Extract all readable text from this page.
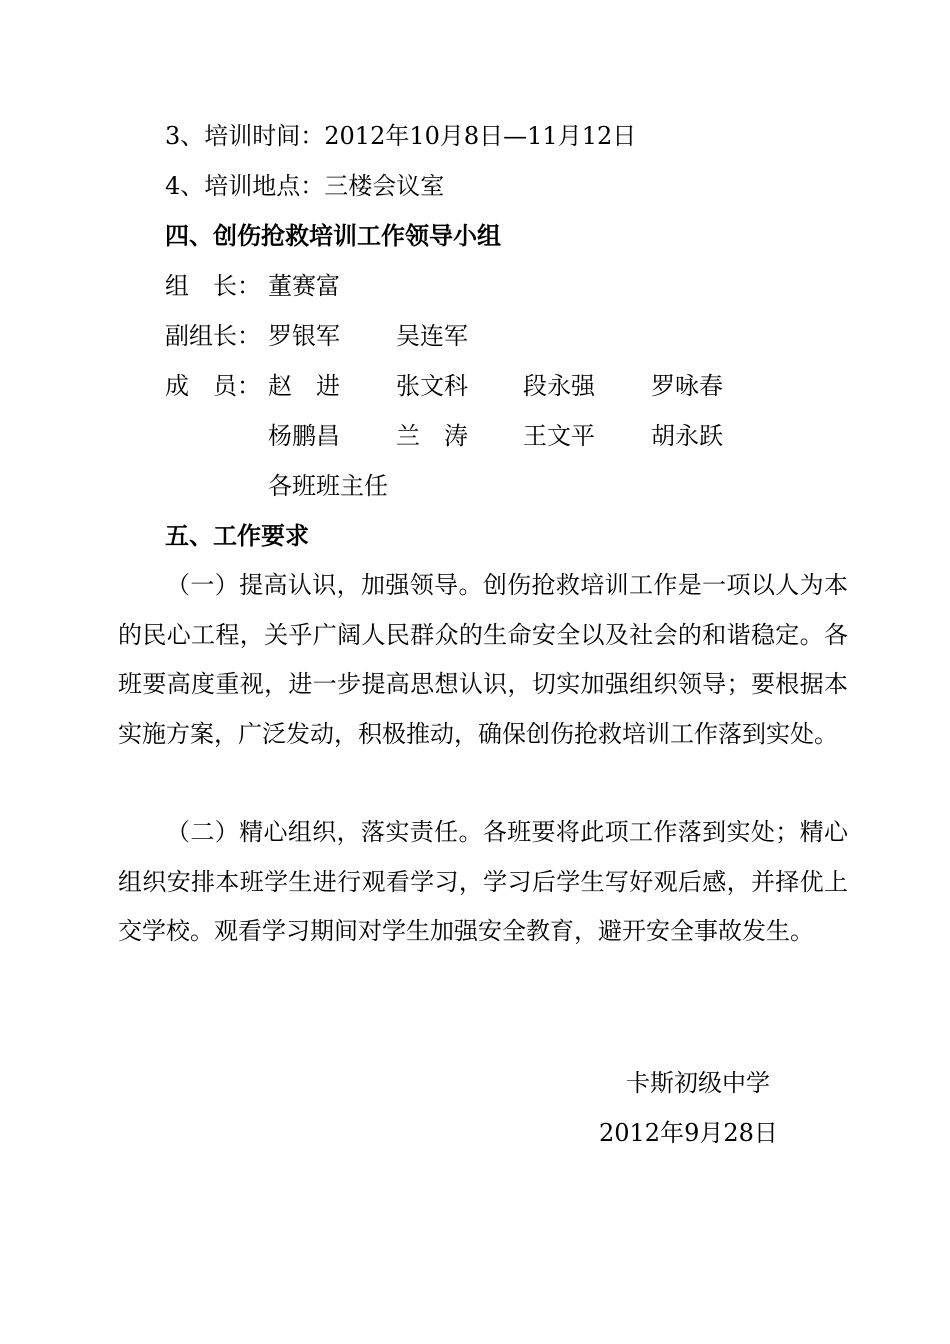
3、培训时间：2012年10月8日—11月12日
4、培训地点：三楼会议室
四、创伤抢救培训工作领导小组
组　长： 董赛富
副组长： 罗银军 吴连军
成　员： 赵　进 张文科 段永强 罗咏春
杨鹏昌 兰　涛 王文平 胡永跃
各班班主任
五、工作要求
（一）提高认识，加强领导。创伤抢救培训工作是一项以人为本的民心工程，关乎广阔人民群众的生命安全以及社会的和谐稳定。各班要高度重视，进一步提高思想认识，切实加强组织领导；要根据本实施方案，广泛发动，积极推动，确保创伤抢救培训工作落到实处。
（二）精心组织，落实责任。各班要将此项工作落到实处；精心组织安排本班学生进行观看学习，学习后学生写好观后感，并择优上交学校。观看学习期间对学生加强安全教育，避开安全事故发生。
卡斯初级中学
2012年9月28日
